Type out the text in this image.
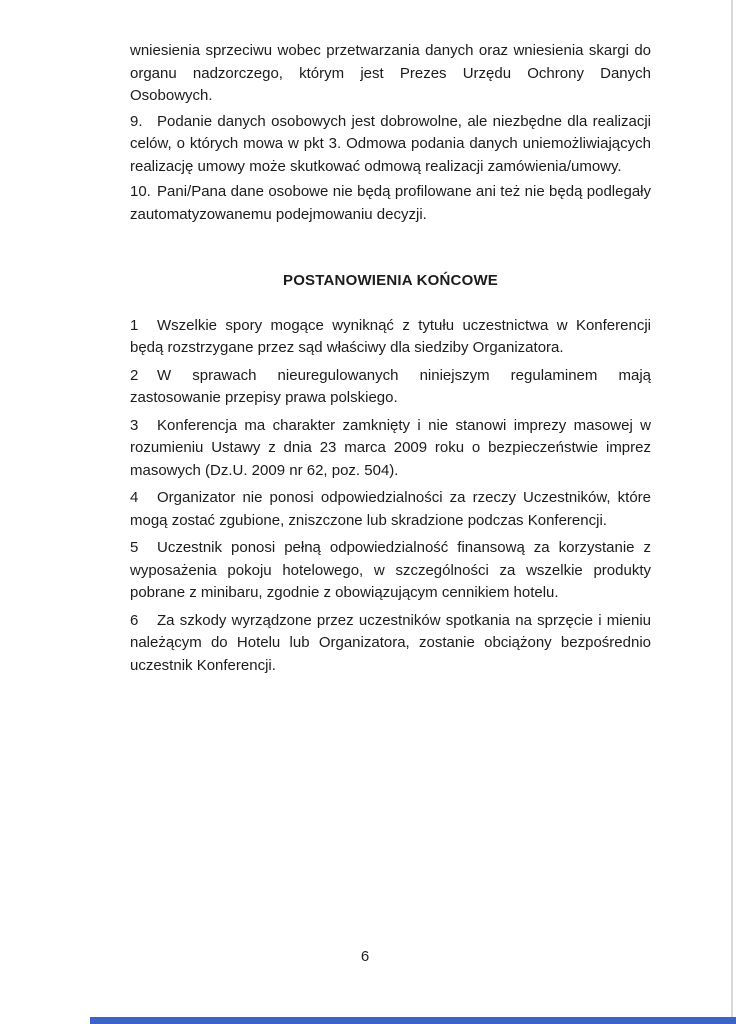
wniesienia sprzeciwu wobec przetwarzania danych oraz wniesienia skargi do organu nadzorczego, którym jest Prezes Urzędu Ochrony Danych Osobowych.

9. Podanie danych osobowych jest dobrowolne, ale niezbędne dla realizacji celów, o których mowa w pkt 3. Odmowa podania danych uniemożliwiających realizację umowy może skutkować odmową realizacji zamówienia/umowy.

10. Pani/Pana dane osobowe nie będą profilowane ani też nie będą podlegały zautomatyzowanemu podejmowaniu decyzji.

POSTANOWIENIA KOŃCOWE

1 Wszelkie spory mogące wyniknąć z tytułu uczestnictwa w Konferencji będą rozstrzygane przez sąd właściwy dla siedziby Organizatora.

2 W sprawach nieuregulowanych niniejszym regulaminem mają zastosowanie przepisy prawa polskiego.

3 Konferencja ma charakter zamknięty i nie stanowi imprezy masowej w rozumieniu Ustawy z dnia 23 marca 2009 roku o bezpieczeństwie imprez masowych (Dz.U. 2009 nr 62, poz. 504).

4 Organizator nie ponosi odpowiedzialności za rzeczy Uczestników, które mogą zostać zgubione, zniszczone lub skradzione podczas Konferencji.

5 Uczestnik ponosi pełną odpowiedzialność finansową za korzystanie z wyposażenia pokoju hotelowego, w szczególności za wszelkie produkty pobrane z minibaru, zgodnie z obowiązującym cennikiem hotelu.

6 Za szkody wyrządzone przez uczestników spotkania na sprzęcie i mieniu należącym do Hotelu lub Organizatora, zostanie obciążony bezpośrednio uczestnik Konferencji.

6
